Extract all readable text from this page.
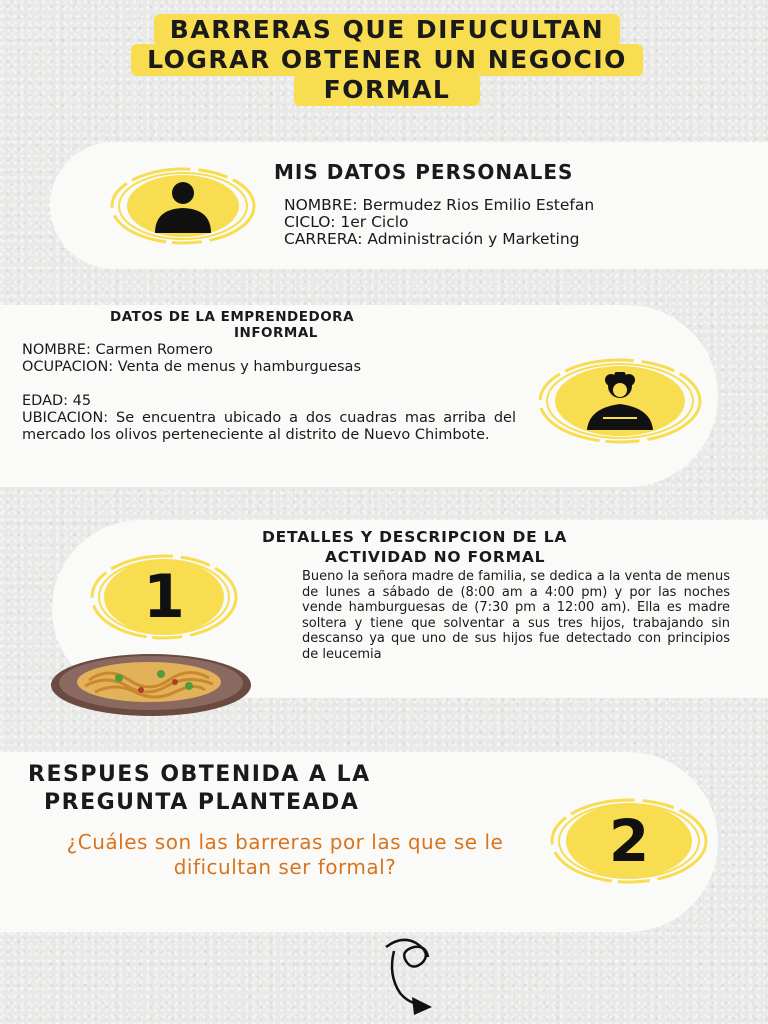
BARRERAS QUE DIFUCULTAN
LOGRAR OBTENER UN NEGOCIO
FORMAL
MIS DATOS PERSONALES
NOMBRE: Bermudez Rios Emilio Estefan
CICLO: 1er Ciclo
CARRERA: Administración y Marketing
DATOS DE LA EMPRENDEDORA
INFORMAL
NOMBRE: Carmen Romero
OCUPACION: Venta de menus y hamburguesas
EDAD: 45
UBICACION: Se encuentra ubicado a dos cuadras mas arriba del mercado los olivos perteneciente al distrito de Nuevo Chimbote.
1
DETALLES Y DESCRIPCION DE LA
ACTIVIDAD NO FORMAL
Bueno la señora madre de familia, se dedica a la venta de menus de lunes a sábado de (8:00 am a 4:00 pm) y por las noches vende hamburguesas de (7:30 pm a 12:00 am). Ella es madre soltera y tiene que solventar a sus tres hijos, trabajando sin descanso ya que uno de sus hijos fue detectado con principios de leucemia
RESPUES OBTENIDA A LA
PREGUNTA PLANTEADA
¿Cuáles son las barreras por las que se le dificultan ser formal?	2
